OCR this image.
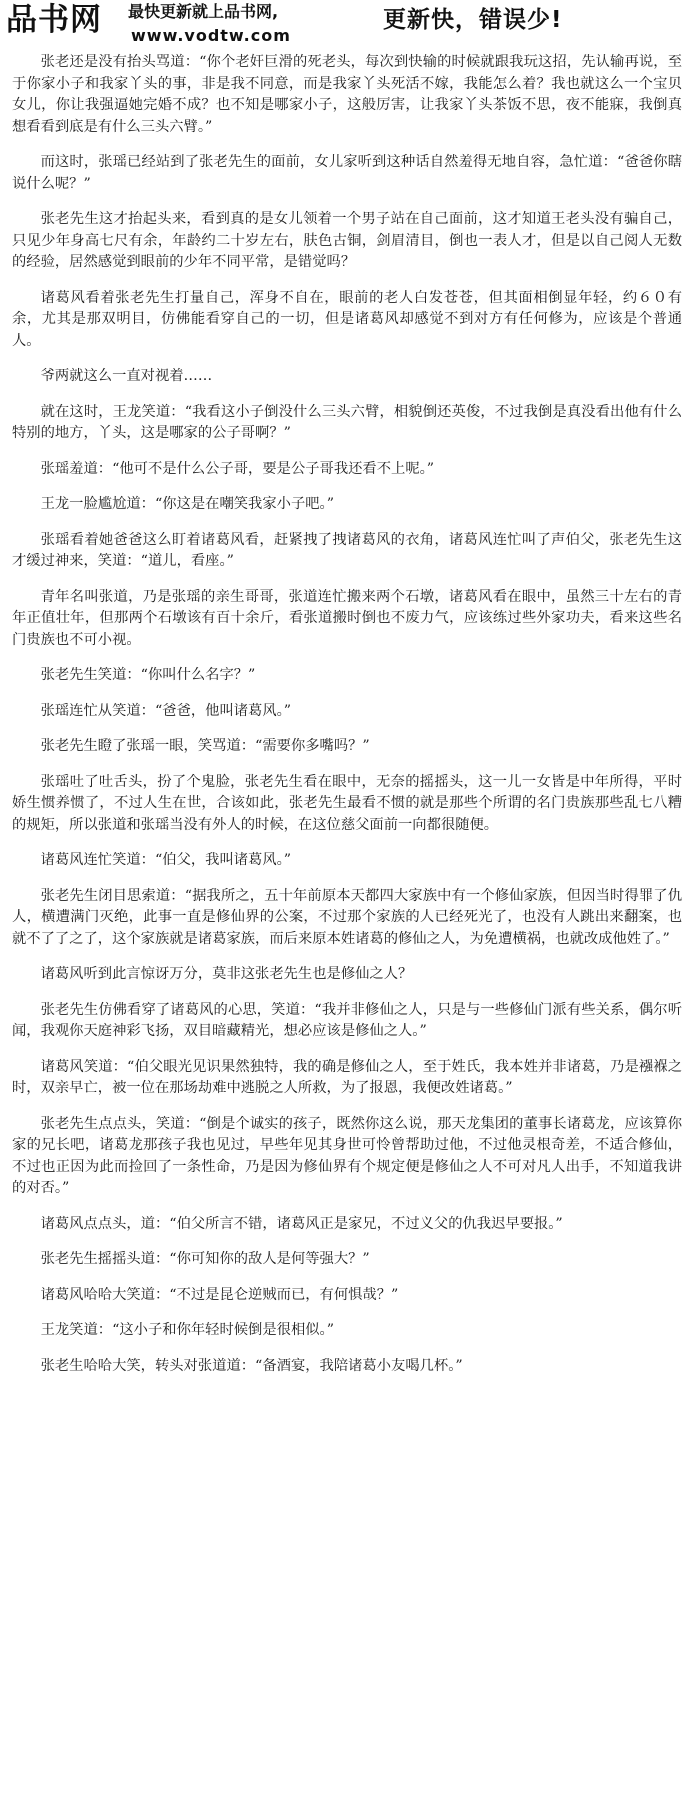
品书网 最快更新就上品书网,	更新快，错误少!
www.vodtw.com

张老还是没有抬头骂道：“你个老奸巨滑的死老头，每次到快输的时候就跟我玩这招，先认输再说，至于你家小子和我家丫头的事，非是我不同意，而是我家丫头死活不嫁，我能怎么着？我也就这么一个宝贝女儿，你让我强逼她完婚不成？也不知是哪家小子，这般厉害，让我家丫头茶饭不思，夜不能寐，我倒真想看看到底是有什么三头六臂。”

而这时，张瑶已经站到了张老先生的面前，女儿家听到这种话自然羞得无地自容，急忙道：“爸爸你瞎说什么呢？”

张老先生这才抬起头来，看到真的是女儿领着一个男子站在自己面前，这才知道王老头没有骗自己，只见少年身高七尺有余，年龄约二十岁左右，肤色古铜，剑眉清目，倒也一表人才，但是以自己阅人无数的经验，居然感觉到眼前的少年不同平常，是错觉吗？

诸葛风看着张老先生打量自己，浑身不自在，眼前的老人白发苍苍，但其面相倒显年轻，约６０有余，尤其是那双明目，仿佛能看穿自己的一切，但是诸葛风却感觉不到对方有任何修为，应该是个普通人。

爷两就这么一直对视着……

就在这时，王龙笑道：“我看这小子倒没什么三头六臂，相貌倒还英俊，不过我倒是真没看出他有什么特别的地方，丫头，这是哪家的公子哥啊？”

张瑶羞道：“他可不是什么公子哥，要是公子哥我还看不上呢。”

王龙一脸尴尬道：“你这是在嘲笑我家小子吧。”

张瑶看着她爸爸这么盯着诸葛风看，赶紧拽了拽诸葛风的衣角，诸葛风连忙叫了声伯父，张老先生这才缓过神来，笑道：“道儿，看座。”

青年名叫张道，乃是张瑶的亲生哥哥，张道连忙搬来两个石墩，诸葛风看在眼中，虽然三十左右的青年正值壮年，但那两个石墩该有百十余斤，看张道搬时倒也不废力气，应该练过些外家功夫，看来这些名门贵族也不可小视。

张老先生笑道：“你叫什么名字？”

张瑶连忙从笑道：“爸爸，他叫诸葛风。”

张老先生瞪了张瑶一眼，笑骂道：“需要你多嘴吗？”

张瑶吐了吐舌头，扮了个鬼脸，张老先生看在眼中，无奈的摇摇头，这一儿一女皆是中年所得，平时娇生惯养惯了，不过人生在世，合该如此，张老先生最看不惯的就是那些个所谓的名门贵族那些乱七八糟的规矩，所以张道和张瑶当没有外人的时候，在这位慈父面前一向都很随便。

诸葛风连忙笑道：“伯父，我叫诸葛风。”

张老先生闭目思索道：“据我所之，五十年前原本天都四大家族中有一个修仙家族，但因当时得罪了仇人，横遭满门灭绝，此事一直是修仙界的公案，不过那个家族的人已经死光了，也没有人跳出来翻案，也就不了了之了，这个家族就是诸葛家族，而后来原本姓诸葛的修仙之人，为免遭横祸，也就改成他姓了。”

诸葛风听到此言惊讶万分，莫非这张老先生也是修仙之人？

张老先生仿佛看穿了诸葛风的心思，笑道：“我并非修仙之人，只是与一些修仙门派有些关系，偶尔听闻，我观你天庭神彩飞扬，双目暗藏精光，想必应该是修仙之人。”

诸葛风笑道：“伯父眼光见识果然独特，我的确是修仙之人，至于姓氏，我本姓并非诸葛，乃是襁褓之时，双亲早亡，被一位在那场劫难中逃脱之人所救，为了报恩，我便改姓诸葛。”

张老先生点点头，笑道：“倒是个诚实的孩子，既然你这么说，那天龙集团的董事长诸葛龙，应该算你家的兄长吧，诸葛龙那孩子我也见过，早些年见其身世可怜曾帮助过他，不过他灵根奇差，不适合修仙，不过也正因为此而捡回了一条性命，乃是因为修仙界有个规定便是修仙之人不可对凡人出手，不知道我讲的对否。”

诸葛风点点头，道：“伯父所言不错，诸葛风正是家兄，不过义父的仇我迟早要报。”

张老先生摇摇头道：“你可知你的敌人是何等强大？”

诸葛风哈哈大笑道：“不过是昆仑逆贼而已，有何惧哉？”

王龙笑道：“这小子和你年轻时候倒是很相似。”

张老生哈哈大笑，转头对张道道：“备酒宴，我陪诸葛小友喝几杯。”
